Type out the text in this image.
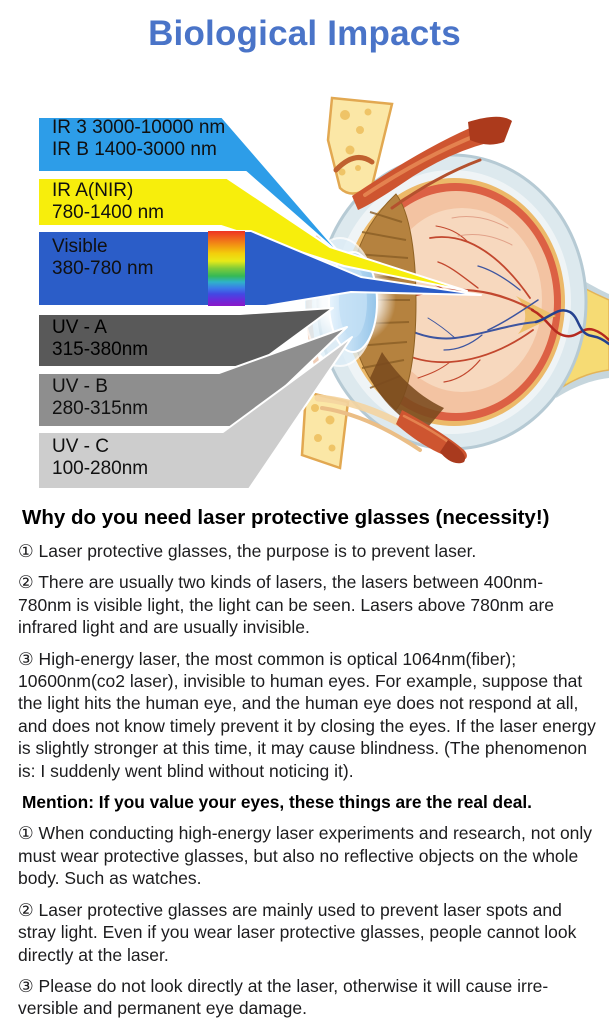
Biological Impacts
IR 3 3000-10000 nm
IR B 1400-3000 nm
IR A(NIR)
780-1400 nm
Visible
380-780 nm
UV - A
315-380nm
UV - B
280-315nm
UV - C
100-280nm
Why do you need laser protective glasses (necessity!)

① Laser protective glasses, the purpose is to prevent laser.

② There are usually two kinds of lasers, the lasers between 400nm-780nm is visible light, the light can be seen. Lasers above 780nm are infrared light and are usually invisible.

③ High-energy laser, the most common is optical 1064nm(fiber); 10600nm(co2 laser), invisible to human eyes. For example, suppose that the light hits the human eye, and the human eye does not respond at all, and does not know timely prevent it by closing the eyes. If the laser energy is slightly stronger at this time, it may cause blindness. (The phenomenon is: I suddenly went blind without noticing it).

Mention: If you value your eyes, these things are the real deal.

① When conducting high-energy laser experiments and research, not only must wear protective glasses, but also no reflective objects on the whole body. Such as watches.

② Laser protective glasses are mainly used to prevent laser spots and stray light. Even if you wear laser protective glasses, people cannot look directly at the laser.

③ Please do not look directly at the laser, otherwise it will cause irre-versible and permanent eye damage.
